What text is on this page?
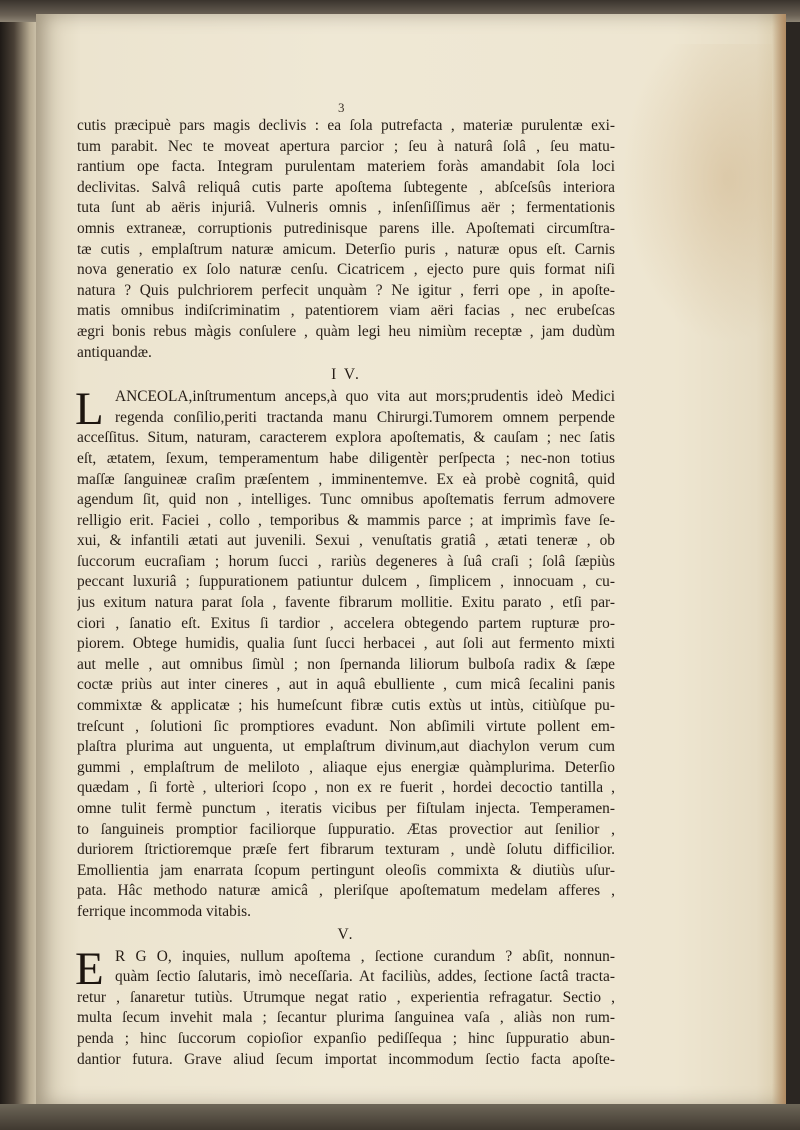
3
cutis præcipuè pars magis declivis : ea ſola putrefacta , materiæ purulentæ exi-
tum parabit. Nec te moveat apertura parcior ; ſeu à naturâ ſolâ , ſeu matu-
rantium ope facta. Integram purulentam materiem foràs amandabit ſola loci
declivitas. Salvâ reliquâ cutis parte apoſtema ſubtegente , abſceſsûs interiora
tuta ſunt ab aëris injuriâ. Vulneris omnis , inſenſiſſimus aër ; fermentationis
omnis extraneæ, corruptionis putredinisque parens ille. Apoſtemati circumſtra-
tæ cutis , emplaſtrum naturæ amicum. Deterſio puris , naturæ opus eſt. Carnis
nova generatio ex ſolo naturæ cenſu. Cicatricem , ejecto pure quis format niſi
natura ? Quis pulchriorem perfecit unquàm ? Ne igitur , ferri ope , in apoſte-
matis omnibus indiſcriminatim , patentiorem viam aëri facias , nec erubeſcas
ægri bonis rebus màgis conſulere , quàm legi heu nimiùm receptæ , jam dudùm
antiquandæ.
I V.
L ANCEOLA,inſtrumentum anceps,à quo vita aut mors;prudentis ideò Medici
regenda conſilio,periti tractanda manu Chirurgi.Tumorem omnem perpende
acceſſitus. Situm, naturam, caracterem explora apoſtematis, & cauſam ; nec ſatis
eſt, ætatem, ſexum, temperamentum habe diligentèr perſpecta ; nec-non totius
maſſæ ſanguineæ craſim præſentem , imminentemve. Ex eà probè cognitâ, quid
agendum ſit, quid non , intelliges. Tunc omnibus apoſtematis ferrum admovere
relligio erit. Faciei , collo , temporibus & mammis parce ; at imprimìs fave ſe-
xui, & infantili ætati aut juvenili. Sexui , venuſtatis gratiâ , ætati teneræ , ob
ſuccorum eucraſiam ; horum ſucci , rariùs degeneres à ſuâ craſi ; ſolâ ſæpiùs
peccant luxuriâ ; ſuppurationem patiuntur dulcem , ſimplicem , innocuam , cu-
jus exitum natura parat ſola , favente fibrarum mollitie. Exitu parato , etſi par-
ciori , ſanatio eſt. Exitus ſi tardior , accelera obtegendo partem rupturæ pro-
piorem. Obtege humidis, qualia ſunt ſucci herbacei , aut ſoli aut fermento mixti
aut melle , aut omnibus ſimùl ; non ſpernanda liliorum bulboſa radix & ſæpe
coctæ priùs aut inter cineres , aut in aquâ ebulliente , cum micâ ſecalini panis
commixtæ & applicatæ ; his humeſcunt fibræ cutis extùs ut intùs, citiùſque pu-
treſcunt , ſolutioni ſic promptiores evadunt. Non abſimili virtute pollent em-
plaſtra plurima aut unguenta, ut emplaſtrum divinum,aut diachylon verum cum
gummi , emplaſtrum de meliloto , aliaque ejus energiæ quàmplurima. Deterſio
quædam , ſi fortè , ulteriori ſcopo , non ex re fuerit , hordei decoctio tantilla ,
omne tulit fermè punctum , iteratis vicibus per fiſtulam injecta. Temperamen-
to ſanguineis promptior faciliorque ſuppuratio. Ætas provectior aut ſenilior ,
duriorem ſtrictioremque præſe fert fibrarum texturam , undè ſolutu difficilior.
Emollientia jam enarrata ſcopum pertingunt oleoſis commixta & diutiùs uſur-
pata. Hâc methodo naturæ amicâ , pleriſque apoſtematum medelam afferes ,
ferrique incommoda vitabis.
V.
E R G O, inquies, nullum apoſtema , ſectione curandum ? abſit, nonnun-
quàm ſectio ſalutaris, imò neceſſaria. At faciliùs, addes, ſectione ſactâ tracta-
retur , ſanaretur tutiùs. Utrumque negat ratio , experientia refragatur. Sectio ,
multa ſecum invehit mala ; ſecantur plurima ſanguinea vaſa , aliàs non rum-
penda ; hinc ſuccorum copioſior expanſio pediſſequa ; hinc ſuppuratio abun-
dantior futura. Grave aliud ſecum importat incommodum ſectio facta apoſte-
